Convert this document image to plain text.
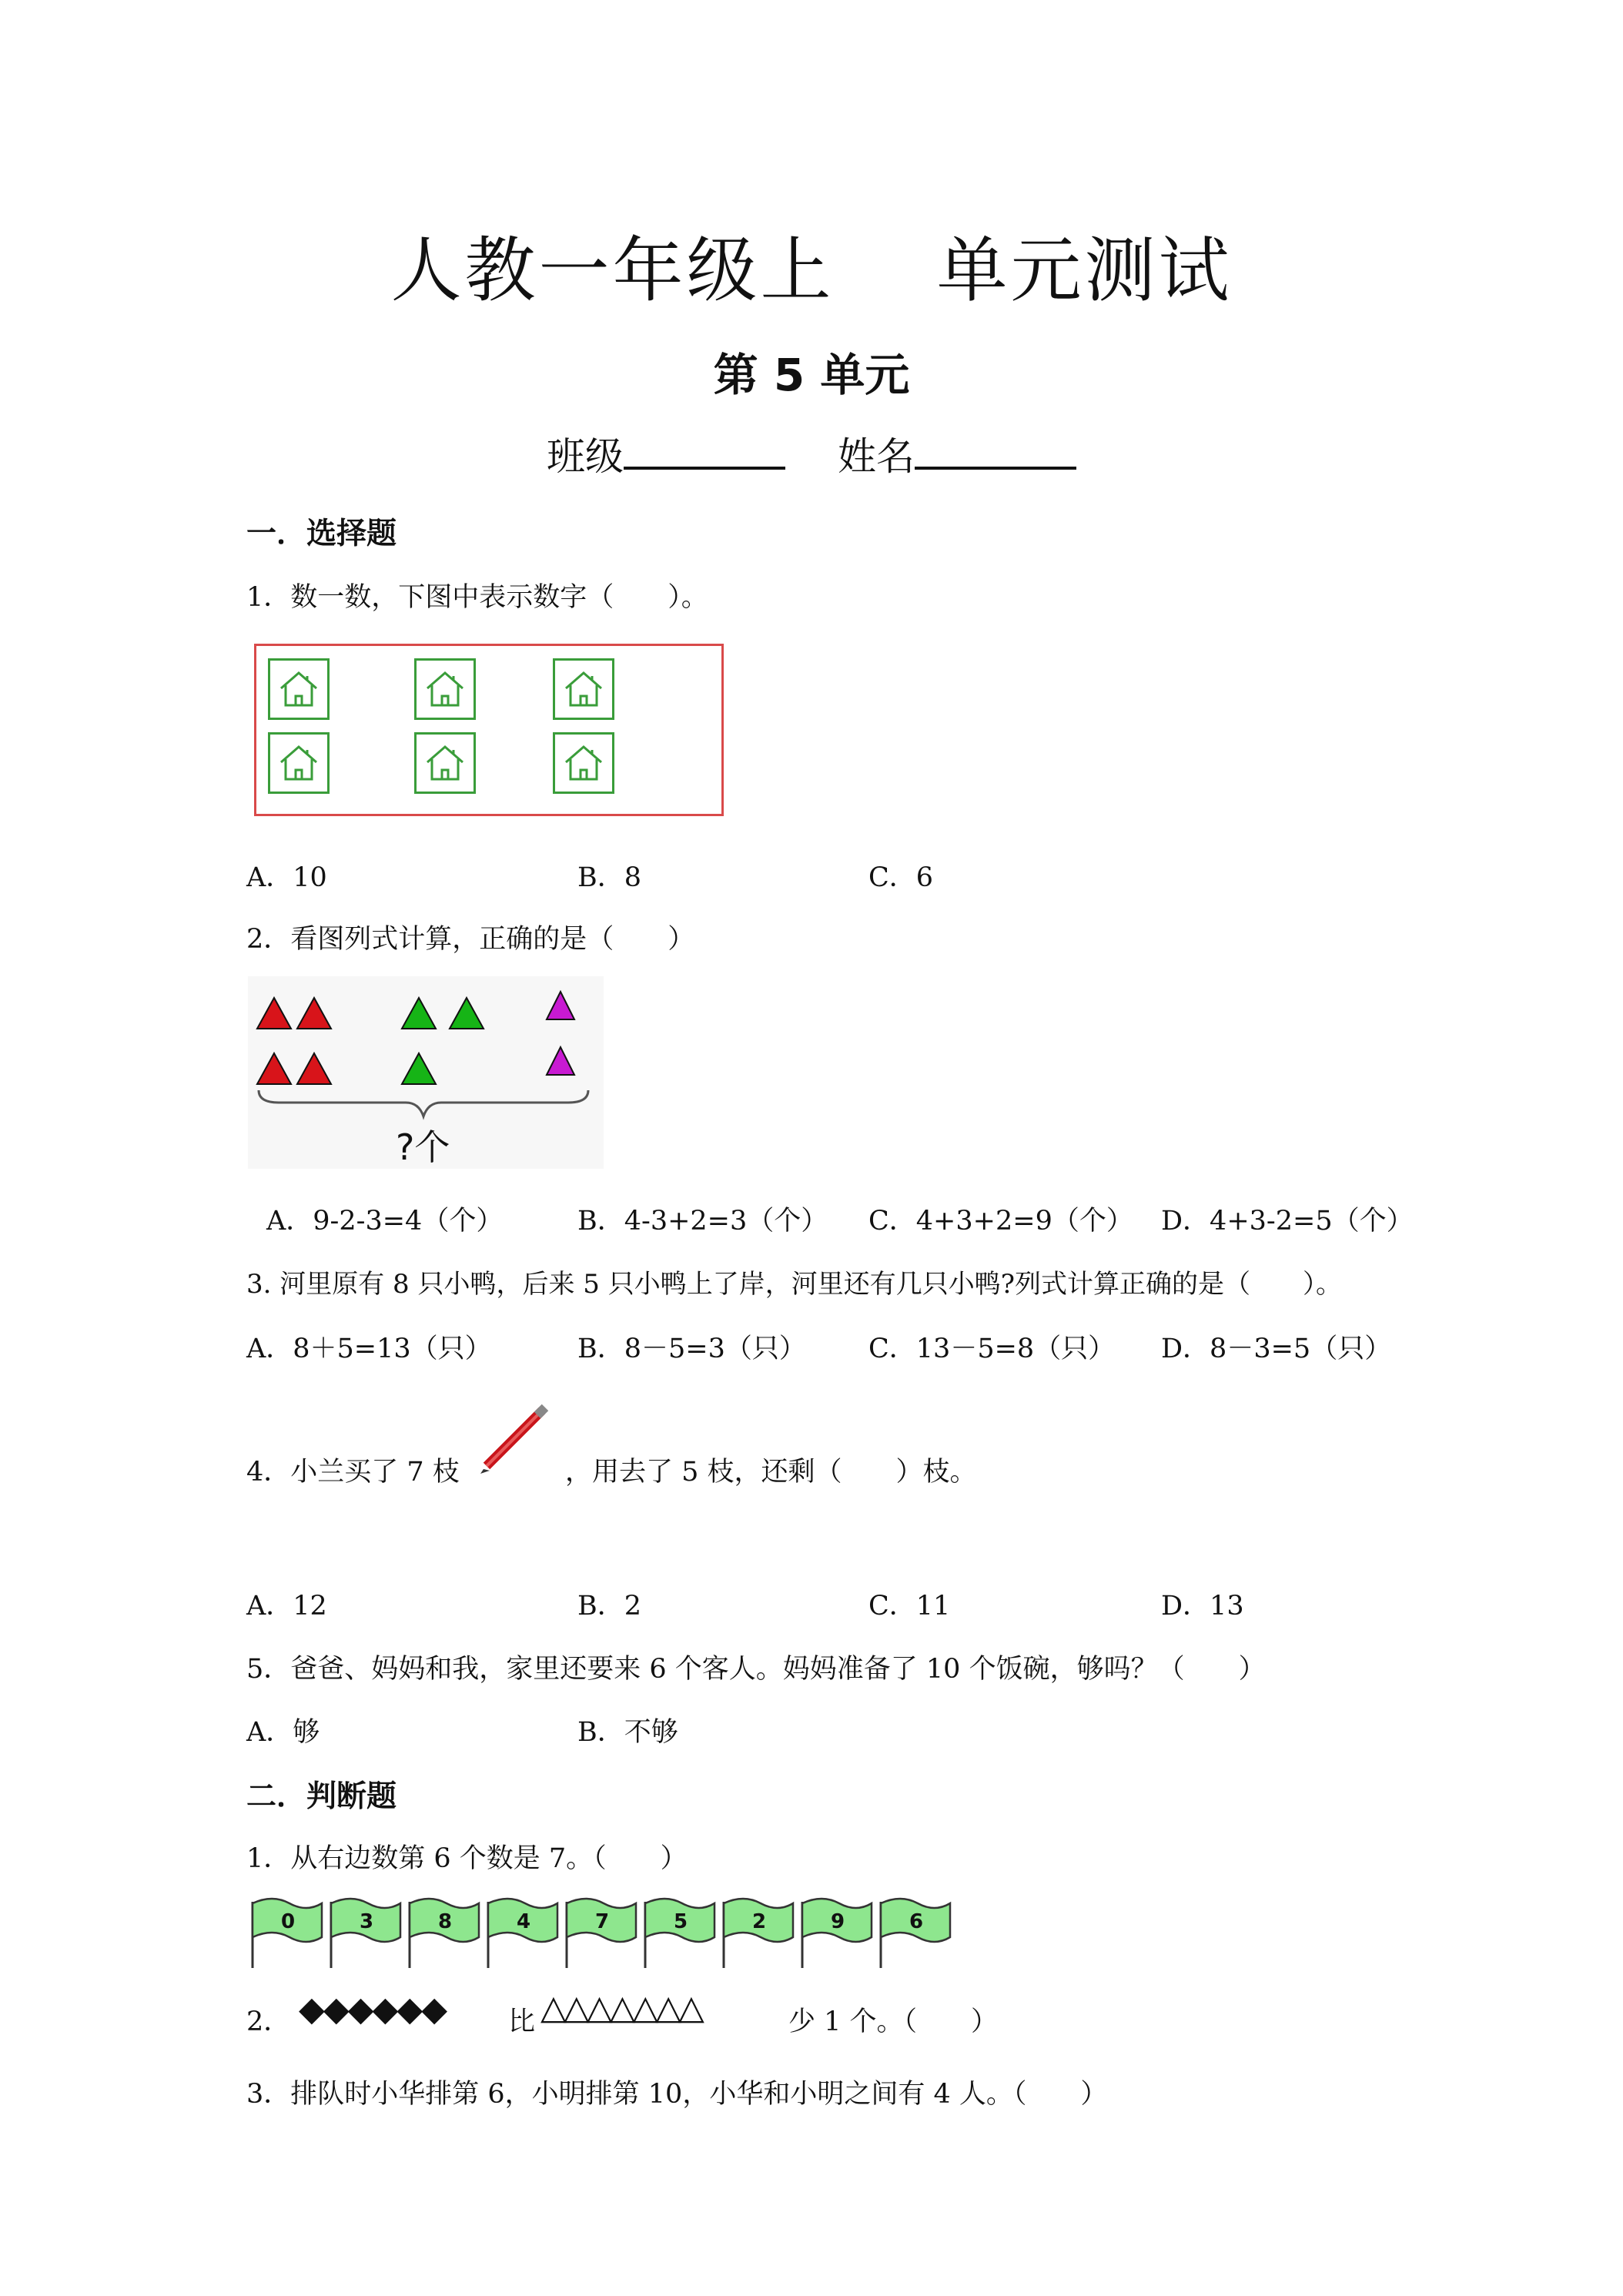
人教一年级上    单元测试
第 5 单元
班级	姓名
一．选择题
1．数一数，下图中表示数字（　　）。
A．10	B．8	C．6
2．看图列式计算，正确的是（　　）
?个
A．9-2-3=4（个）	B．4-3+2=3（个） C．4+3+2=9（个） D．4+3-2=5（个）
3. 河里原有 8 只小鸭，后来 5 只小鸭上了岸，河里还有几只小鸭?列式计算正确的是（　　）。
A．8＋5=13（只）	B．8－5=3（只） C．13－5=8（只） D．8－3=5（只）
4．小兰买了 7 枝	，用去了 5 枝，还剩（　　）枝。
A．12	B．2	C．11	D．13
5．爸爸、妈妈和我，家里还要来 6 个客人。妈妈准备了 10 个饭碗，够吗？（　　）
A．够	B．不够
二．判断题
1．从右边数第 6 个数是 7。（　　）
0	3	8	4	7	5	2	9	6
2． ◆◆◆◆◆◆ 比 △△△△△△△	少 1 个。（　　）
3．排队时小华排第 6，小明排第 10，小华和小明之间有 4 人。（　　）
